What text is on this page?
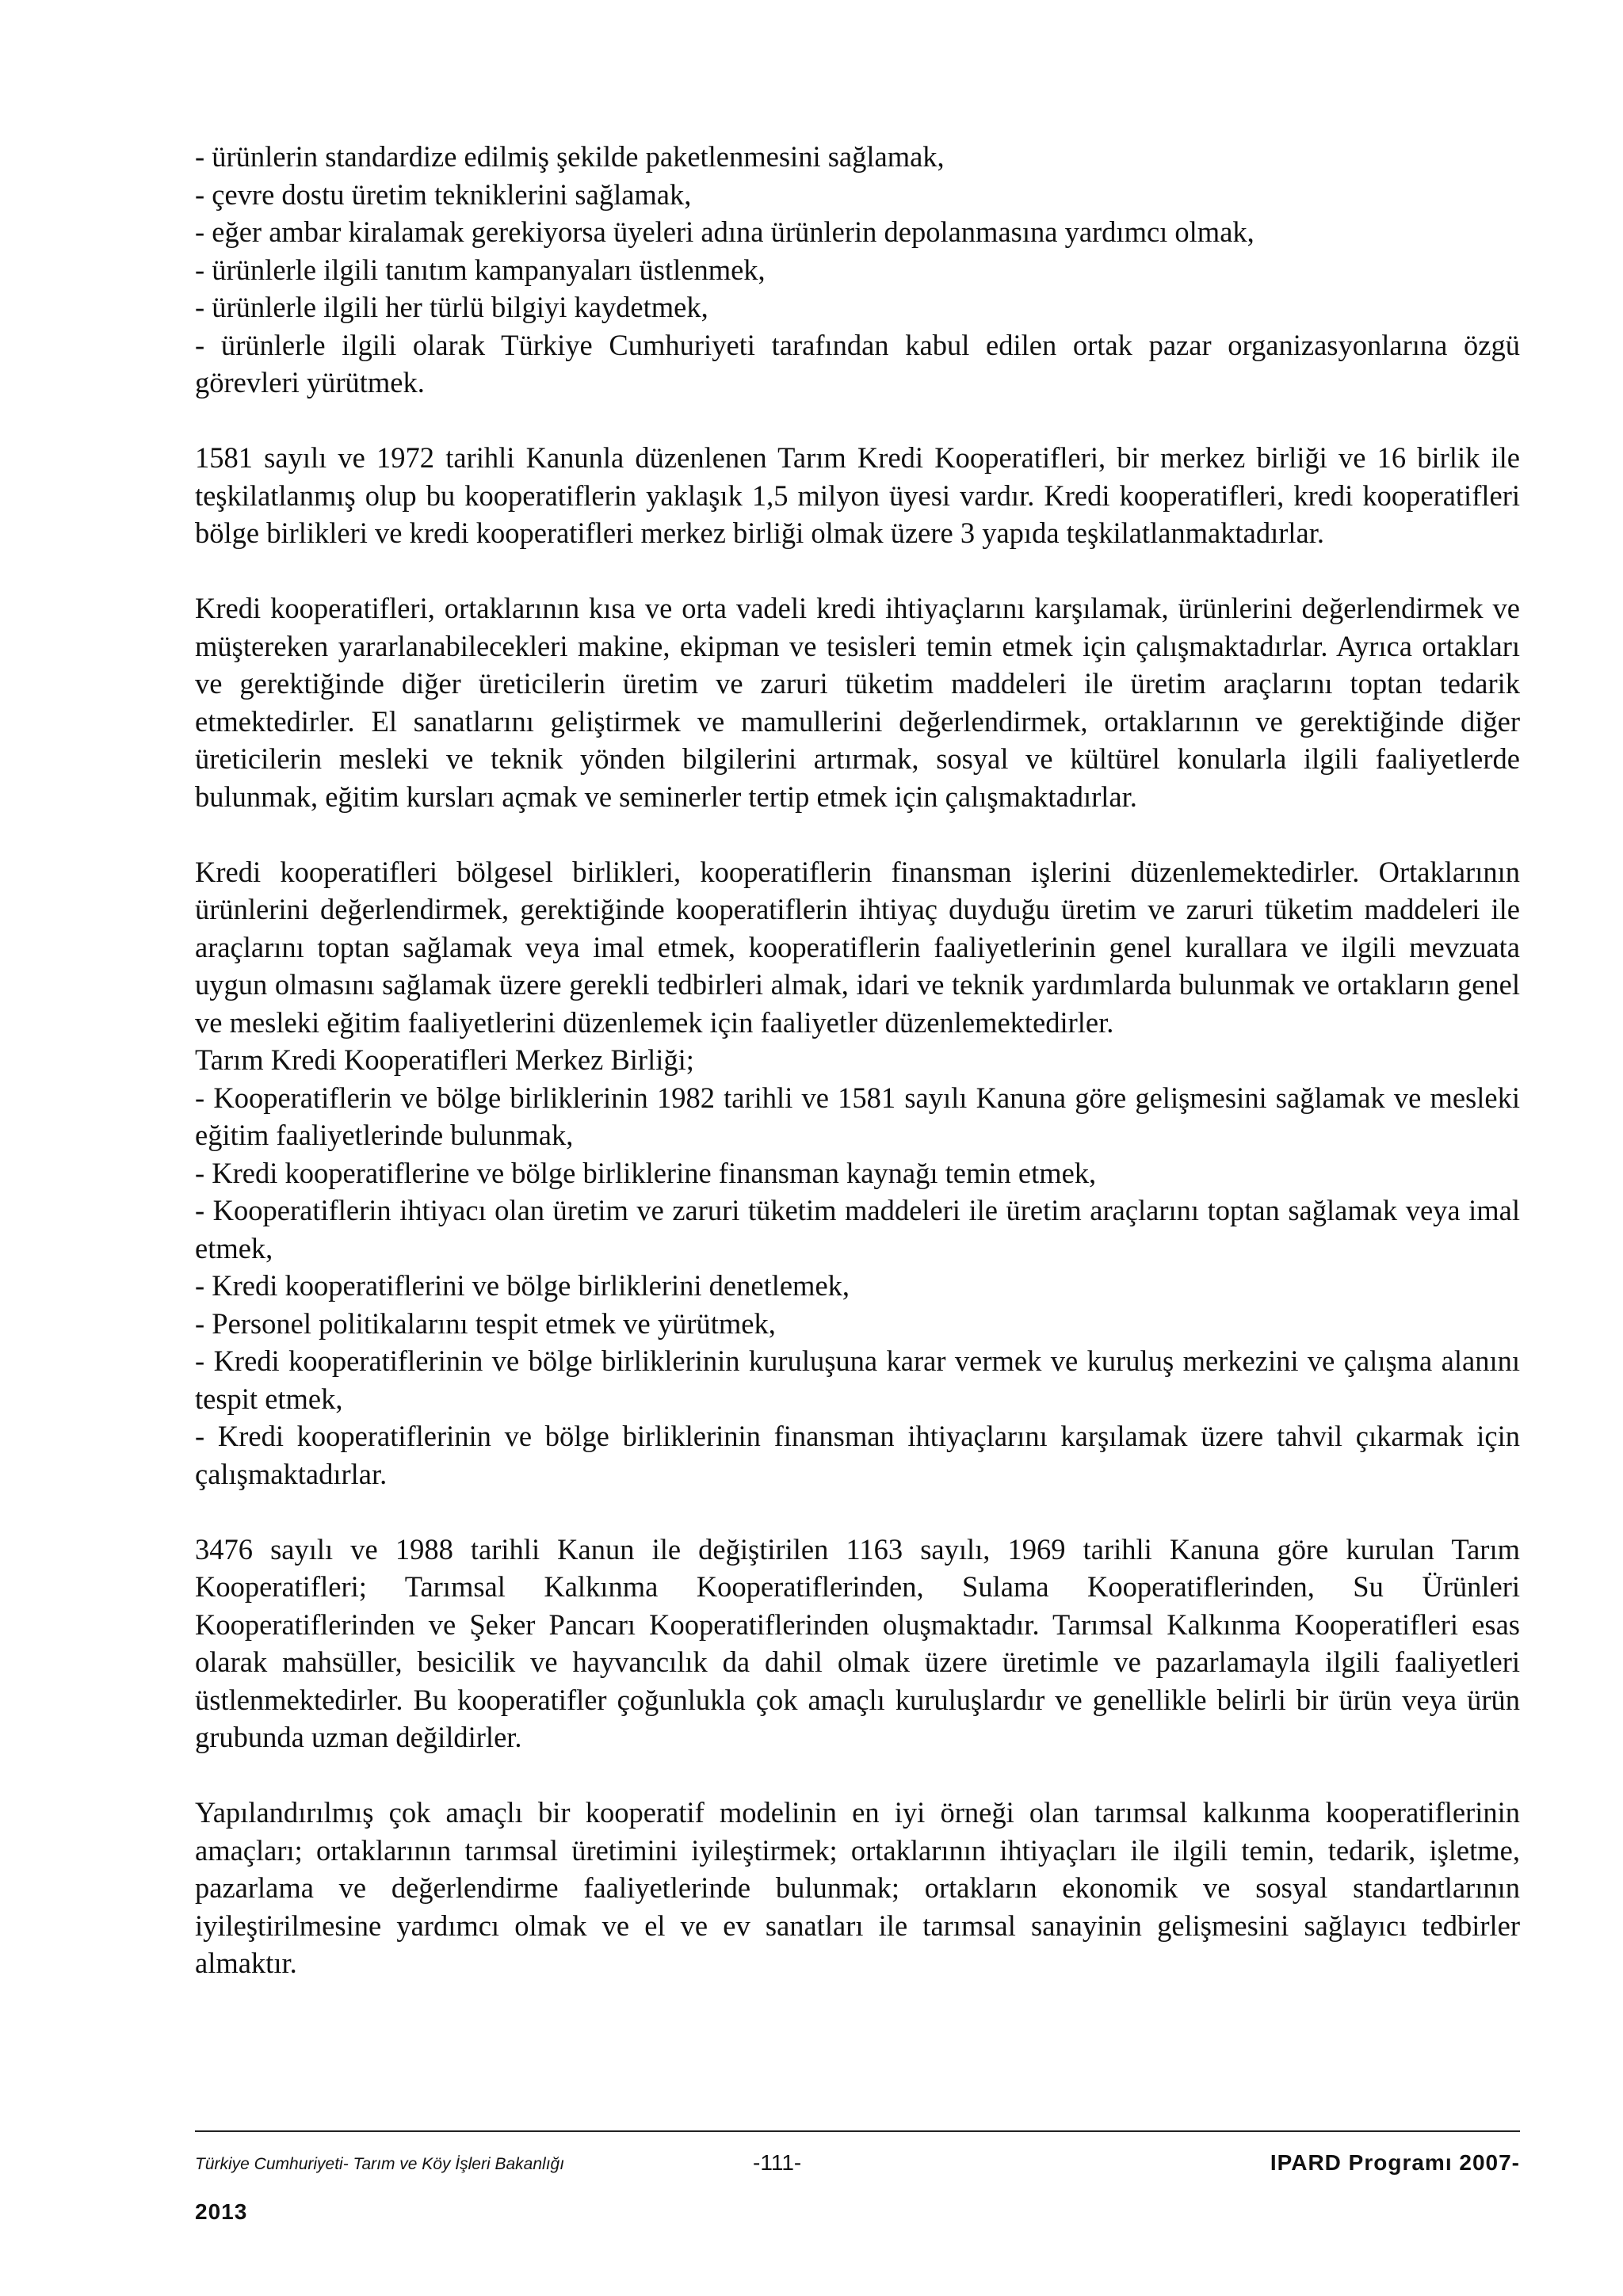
- ürünlerin standardize edilmiş şekilde paketlenmesini sağlamak,

- çevre dostu üretim tekniklerini sağlamak,

- eğer ambar kiralamak gerekiyorsa üyeleri adına ürünlerin depolanmasına yardımcı olmak,

- ürünlerle ilgili tanıtım kampanyaları üstlenmek,

- ürünlerle ilgili her türlü bilgiyi kaydetmek,

- ürünlerle ilgili olarak Türkiye Cumhuriyeti tarafından kabul edilen ortak pazar organizasyonlarına özgü görevleri yürütmek.

1581 sayılı ve 1972 tarihli Kanunla düzenlenen Tarım Kredi Kooperatifleri, bir merkez birliği ve 16 birlik ile teşkilatlanmış olup bu kooperatiflerin yaklaşık 1,5 milyon üyesi vardır. Kredi kooperatifleri, kredi kooperatifleri bölge birlikleri ve kredi kooperatifleri merkez birliği olmak üzere 3 yapıda teşkilatlanmaktadırlar.

Kredi kooperatifleri, ortaklarının kısa ve orta vadeli kredi ihtiyaçlarını karşılamak, ürünlerini değerlendirmek ve müştereken yararlanabilecekleri makine, ekipman ve tesisleri temin etmek için çalışmaktadırlar. Ayrıca ortakları ve gerektiğinde diğer üreticilerin üretim ve zaruri tüketim maddeleri ile üretim araçlarını toptan tedarik etmektedirler. El sanatlarını geliştirmek ve mamullerini değerlendirmek, ortaklarının ve gerektiğinde diğer üreticilerin mesleki ve teknik yönden bilgilerini artırmak, sosyal ve kültürel konularla ilgili faaliyetlerde bulunmak, eğitim kursları açmak ve seminerler tertip etmek için çalışmaktadırlar.

Kredi kooperatifleri bölgesel birlikleri, kooperatiflerin finansman işlerini düzenlemektedirler. Ortaklarının ürünlerini değerlendirmek, gerektiğinde kooperatiflerin ihtiyaç duyduğu üretim ve zaruri tüketim maddeleri ile araçlarını toptan sağlamak veya imal etmek, kooperatiflerin faaliyetlerinin genel kurallara ve ilgili mevzuata uygun olmasını sağlamak üzere gerekli tedbirleri almak, idari ve teknik yardımlarda bulunmak ve ortakların genel ve mesleki eğitim faaliyetlerini düzenlemek için faaliyetler düzenlemektedirler.

Tarım Kredi Kooperatifleri Merkez Birliği;

- Kooperatiflerin ve bölge birliklerinin 1982 tarihli ve 1581 sayılı Kanuna göre gelişmesini sağlamak ve mesleki eğitim faaliyetlerinde bulunmak,

- Kredi kooperatiflerine ve bölge birliklerine finansman kaynağı temin etmek,

- Kooperatiflerin ihtiyacı olan üretim ve zaruri tüketim maddeleri ile üretim araçlarını toptan sağlamak veya imal etmek,

- Kredi kooperatiflerini ve bölge birliklerini denetlemek,

- Personel politikalarını tespit etmek ve yürütmek,

- Kredi kooperatiflerinin ve bölge birliklerinin kuruluşuna karar vermek ve kuruluş merkezini ve çalışma alanını tespit etmek,

- Kredi kooperatiflerinin ve bölge birliklerinin finansman ihtiyaçlarını karşılamak üzere tahvil çıkarmak için çalışmaktadırlar.

3476 sayılı ve 1988 tarihli Kanun ile değiştirilen 1163 sayılı, 1969 tarihli Kanuna göre kurulan Tarım Kooperatifleri; Tarımsal Kalkınma Kooperatiflerinden, Sulama Kooperatiflerinden, Su Ürünleri Kooperatiflerinden ve Şeker Pancarı Kooperatiflerinden oluşmaktadır. Tarımsal Kalkınma Kooperatifleri esas olarak mahsüller, besicilik ve hayvancılık da dahil olmak üzere üretimle ve pazarlamayla ilgili faaliyetleri üstlenmektedirler. Bu kooperatifler çoğunlukla çok amaçlı kuruluşlardır ve genellikle belirli bir ürün veya ürün grubunda uzman değildirler.

Yapılandırılmış çok amaçlı bir kooperatif modelinin en iyi örneği olan tarımsal kalkınma kooperatiflerinin amaçları; ortaklarının tarımsal üretimini iyileştirmek; ortaklarının ihtiyaçları ile ilgili temin, tedarik, işletme, pazarlama ve değerlendirme faaliyetlerinde bulunmak; ortakların ekonomik ve sosyal standartlarının iyileştirilmesine yardımcı olmak ve el ve ev sanatları ile tarımsal sanayinin gelişmesini sağlayıcı tedbirler almaktır.

Türkiye Cumhuriyeti- Tarım ve Köy İşleri Bakanlığı	-111-	IPARD Programı 2007-
2013
